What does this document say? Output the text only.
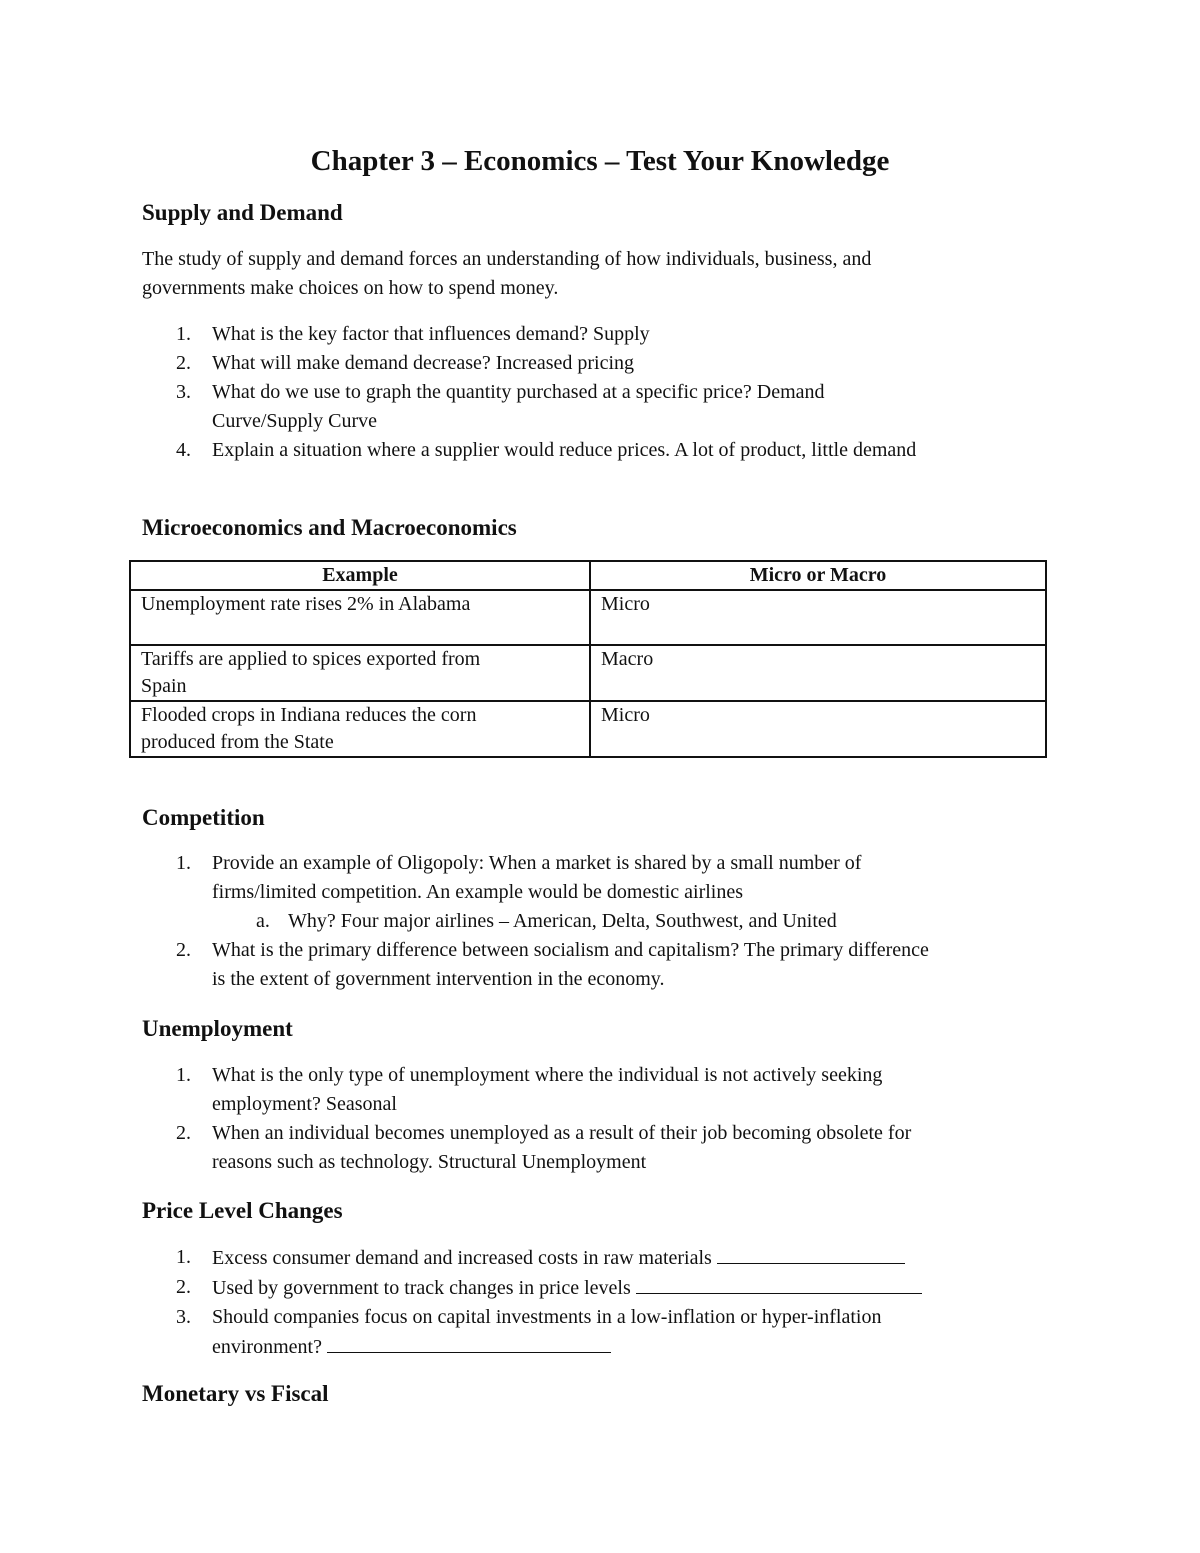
Chapter 3 – Economics – Test Your Knowledge
Supply and Demand

The study of supply and demand forces an understanding of how individuals, business, and
governments make choices on how to spend money.

1. What is the key factor that influences demand? Supply
2. What will make demand decrease? Increased pricing
3. What do we use to graph the quantity purchased at a specific price? Demand
Curve/Supply Curve
4. Explain a situation where a supplier would reduce prices. A lot of product, little demand
Microeconomics and Macroeconomics
Example	Micro or Macro
Unemployment rate rises 2% in Alabama	Micro
Tariffs are applied to spices exported from
Spain	Macro
Flooded crops in Indiana reduces the corn
produced from the State	Micro
Competition
1. Provide an example of Oligopoly: When a market is shared by a small number of
firms/limited competition. An example would be domestic airlines
a. Why? Four major airlines – American, Delta, Southwest, and United
2. What is the primary difference between socialism and capitalism? The primary difference
is the extent of government intervention in the economy.
Unemployment
1. What is the only type of unemployment where the individual is not actively seeking
employment? Seasonal
2. When an individual becomes unemployed as a result of their job becoming obsolete for
reasons such as technology. Structural Unemployment
Price Level Changes
1. Excess consumer demand and increased costs in raw materials
2. Used by government to track changes in price levels
3. Should companies focus on capital investments in a low-inflation or hyper-inflation
environment?
Monetary vs Fiscal
